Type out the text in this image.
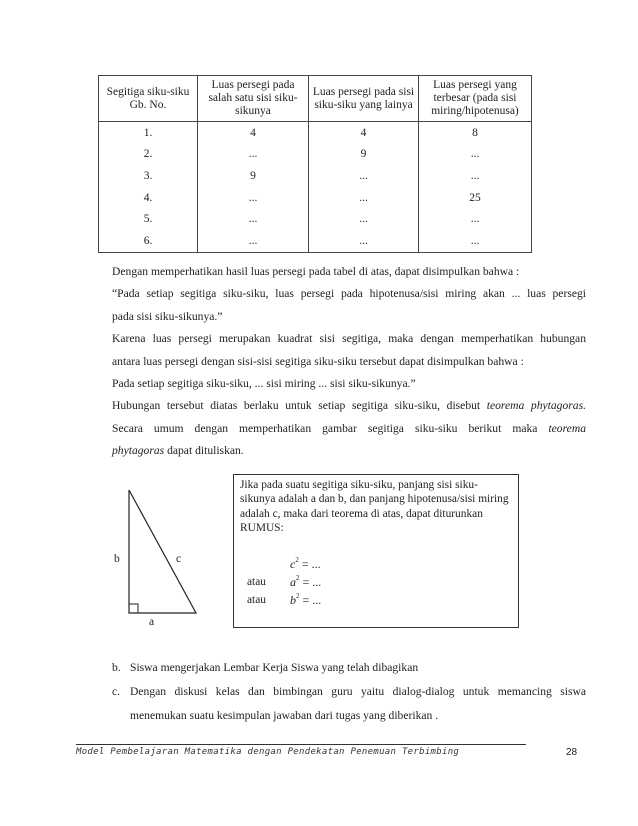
Segitiga siku-siku Gb. No.	Luas persegi pada salah satu sisi siku-sikunya	Luas persegi pada sisi siku-siku yang lainya	Luas persegi yang terbesar (pada sisi miring/hipotenusa)
1.	4	4	8
2.	...	9	...
3.	9	...	...
4.	...	...	25
5.	...	...	...
6.	...	...	...

Dengan memperhatikan hasil luas persegi pada tabel di atas, dapat disimpulkan bahwa :

“Pada setiap segitiga siku-siku, luas persegi pada hipotenusa/sisi miring akan ... luas persegi

pada sisi siku-sikunya.”

Karena luas persegi merupakan kuadrat sisi segitiga, maka dengan memperhatikan hubungan

antara luas persegi dengan sisi-sisi segitiga siku-siku tersebut dapat disimpulkan bahwa :

Pada setiap segitiga siku-siku, ... sisi miring ... sisi siku-sikunya.”

Hubungan tersebut diatas berlaku untuk setiap segitiga siku-siku, disebut teorema phytagoras.

Secara umum dengan memperhatikan gambar segitiga siku-siku berikut maka teorema

phytagoras dapat dituliskan.

b	c
a
Jika pada suatu segitiga siku-siku, panjang sisi siku-sikunya adalah a dan b, dan panjang hipotenusa/sisi miring adalah c, maka dari teorema di atas, dapat diturunkan RUMUS:
$c^2$ = ...
atau $a^2$ = ...
atau $b^2$ = ...
b. Siswa mengerjakan Lembar Kerja Siswa yang telah dibagikan
c. Dengan diskusi kelas dan bimbingan guru yaitu dialog-dialog untuk memancing siswa menemukan suatu kesimpulan jawaban dari tugas yang diberikan .
Model Pembelajaran Matematika dengan Pendekatan Penemuan Terbimbing	28
